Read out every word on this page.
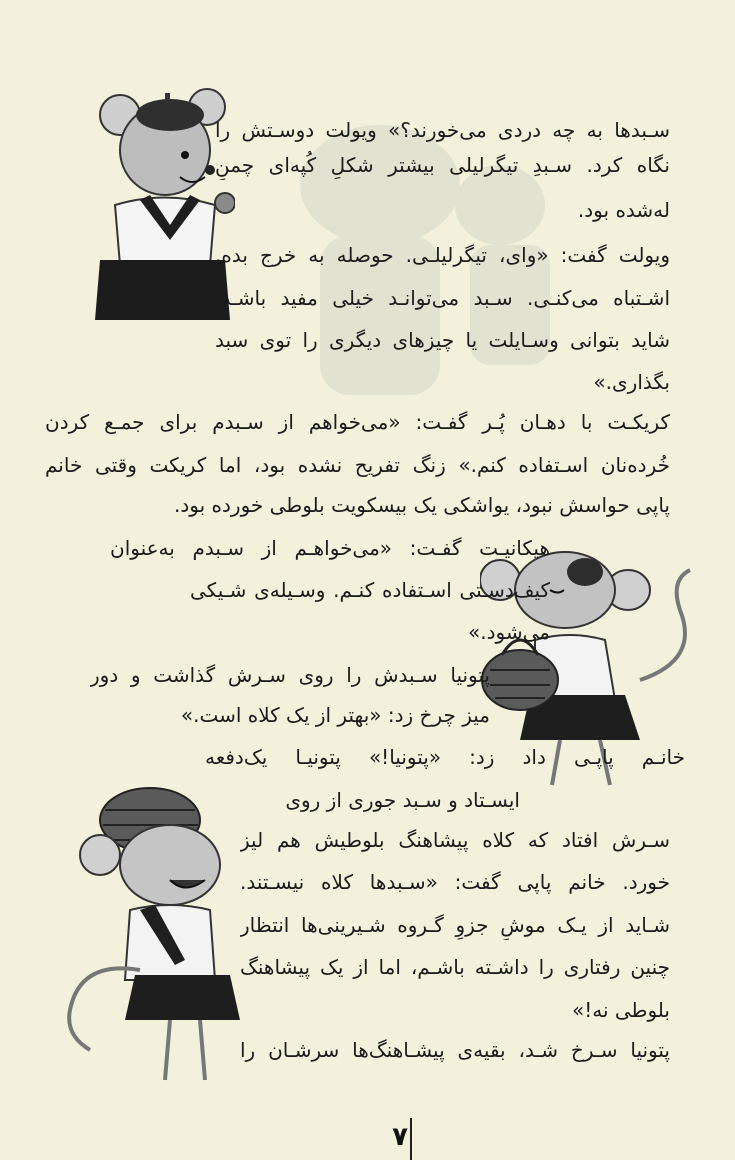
سـبدها به چه دردی می‌خورند؟» ویولت دوسـتش را
نگاه کرد. سـبدِ تیگرلیلی بیشتر شکلِ کُپه‌ای چمنِ
له‌شده بود.
ویولت گفت: «وای، تیگرلیلـی. حوصله به خرج بده.
اشـتباه می‌کنـی. سـبد می‌توانـد خیلی مفید باشـد.
شاید بتوانی وسـایلت یا چیزهای دیگری را توی سبد
بگذاری.»
کریکـت با دهـان پُـر گفـت: «می‌خواهم از سـبدم برای جمـع کردن
خُرده‌نان اسـتفاده کنم.» زنگ تفریح نشده بود، اما کریکت وقتی خانم
پاپی حواسش نبود، یواشکی یک بیسکویت بلوطی خورده بود.
هیکانیـت گفـت: «می‌خواهـم از سـبدم به‌عنوان
کیف‌دسـتی اسـتفاده کنـم. وسـیله‌ی شـیکی
می‌شود.»
پتونیا سـبدش را روی سـرش گذاشت و دور
میز چرخ زد: «بهتر از یک کلاه است.»
خانـم پاپـی داد زد: «پتونیا!» پتونیـا یک‌دفعه
ایسـتاد و سـبد جوری از روی
سـرش افتاد که کلاه پیشاهنگ بلوطیش هم لیز
خورد. خانم پاپی گفت: «سـبدها کلاه نیسـتند.
شـاید از یـک موشِ جزوِ گـروه شـیرینی‌ها انتظار
چنین رفتاری را داشـته باشـم، اما از یک پیشاهنگ
بلوطی نه!»
پتونیا سـرخ شـد، بقیه‌ی پیشـاهنگ‌ها سرشـان را
۷
